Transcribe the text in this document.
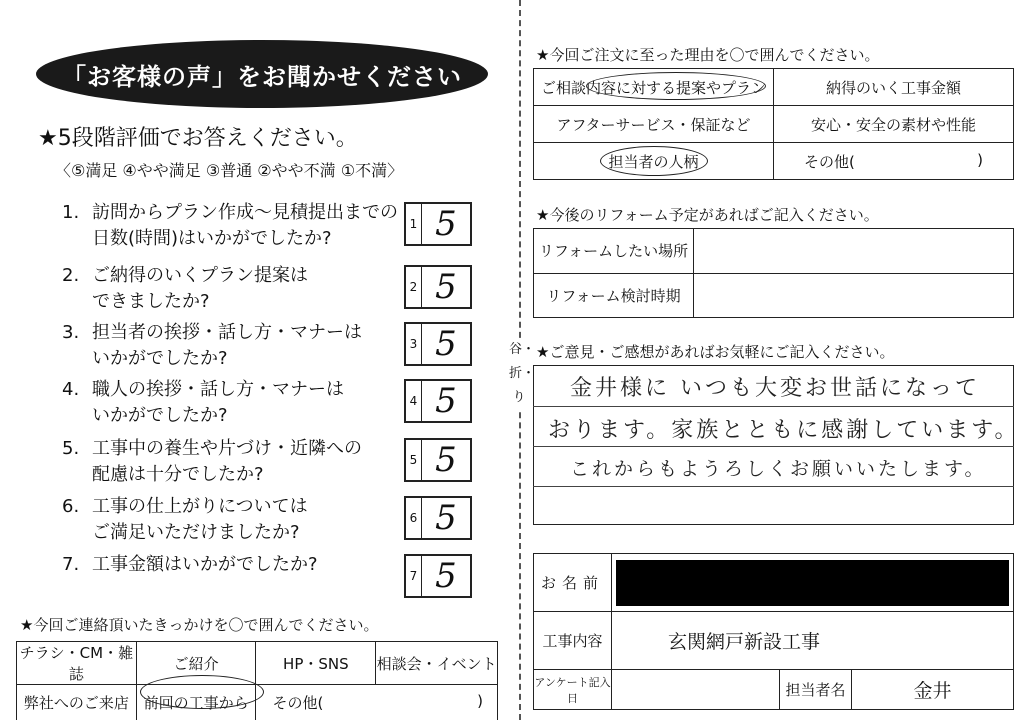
「お客様の声」をお聞かせください
★5段階評価でお答えください。
〈⑤満足 ④やや満足 ③普通 ②やや不満 ①不満〉
1. 訪問からプラン作成～見積提出までの
日数(時間)はいかがでしたか?
1 5
2. ご納得のいくプラン提案は
できましたか?
2 5
3. 担当者の挨拶・話し方・マナーは
いかがでしたか?
3 5
4. 職人の挨拶・話し方・マナーは
いかがでしたか?
4 5
5. 工事中の養生や片づけ・近隣への
配慮は十分でしたか?
5 5
6. 工事の仕上がりについては
ご満足いただけましたか?
6 5
7. 工事金額はいかがでしたか?
7 5
★今回ご連絡頂いたきっかけを〇で囲んでください。
チラシ・CM・雑誌	ご紹介	HP・SNS	相談会・イベント
弊社へのご来店	前回の工事から	その他( )	
谷・折・り
★今回ご注文に至った理由を〇で囲んでください。
ご相談内容に対する提案やプラン	納得のいく工事金額
アフターサービス・保証など	安心・安全の素材や性能
担当者の人柄	その他( )
★今後のリフォーム予定があればご記入ください。
リフォームしたい場所	
リフォーム検討時期	
★ご意見・ご感想があればお気軽にご記入ください。
金井様に いつも大変お世話になって
おります。家族とともに感謝しています。
これからもようろしくお願いいたします。
お名前			

工事内容	玄関網戸新設工事		
アンケート記入日		担当者名	金井
